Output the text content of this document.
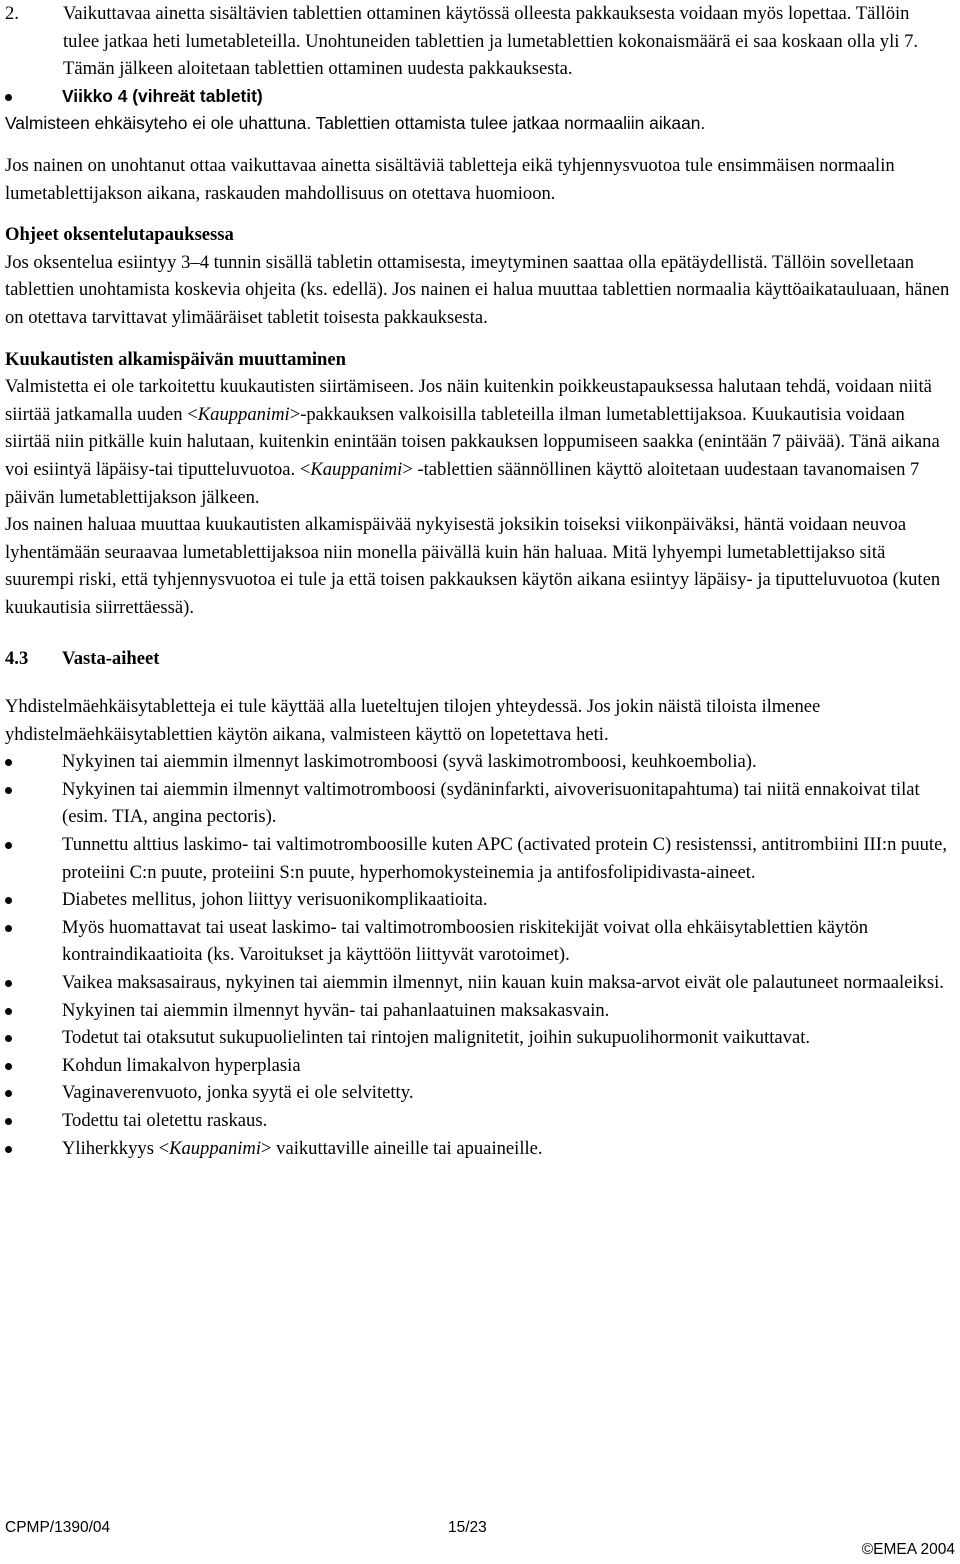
2. Vaikuttavaa ainetta sisältävien tablettien ottaminen käytössä olleesta pakkauksesta voidaan myös lopettaa. Tällöin tulee jatkaa heti lumetableteilla. Unohtuneiden tablettien ja lumetablettien kokonaismäärä ei saa koskaan olla yli 7. Tämän jälkeen aloitetaan tablettien ottaminen uudesta pakkauksesta.

Viikko 4 (vihreät tabletit)

Valmisteen ehkäisyteho ei ole uhattuna. Tablettien ottamista tulee jatkaa normaaliin aikaan.

Jos nainen on unohtanut ottaa vaikuttavaa ainetta sisältäviä tabletteja eikä tyhjennysvuotoa tule ensimmäisen normaalin lumetablettijakson aikana, raskauden mahdollisuus on otettava huomioon.

Ohjeet oksentelutapauksessa

Jos oksentelua esiintyy 3–4 tunnin sisällä tabletin ottamisesta, imeytyminen saattaa olla epätäydellistä. Tällöin sovelletaan tablettien unohtamista koskevia ohjeita (ks. edellä). Jos nainen ei halua muuttaa tablettien normaalia käyttöaikatauluaan, hänen on otettava tarvittavat ylimääräiset tabletit toisesta pakkauksesta.

Kuukautisten alkamispäivän muuttaminen

Valmistetta ei ole tarkoitettu kuukautisten siirtämiseen. Jos näin kuitenkin poikkeustapauksessa halutaan tehdä, voidaan niitä siirtää jatkamalla uuden <Kauppanimi>-pakkauksen valkoisilla tableteilla ilman lumetablettijaksoa. Kuukautisia voidaan siirtää niin pitkälle kuin halutaan, kuitenkin enintään toisen pakkauksen loppumiseen saakka (enintään 7 päivää). Tänä aikana voi esiintyä läpäisy-tai tiputteluvuotoa. <Kauppanimi> -tablettien säännöllinen käyttö aloitetaan uudestaan tavanomaisen 7 päivän lumetablettijakson jälkeen.

Jos nainen haluaa muuttaa kuukautisten alkamispäivää nykyisestä joksikin toiseksi viikonpäiväksi, häntä voidaan neuvoa lyhentämään seuraavaa lumetablettijaksoa niin monella päivällä kuin hän haluaa. Mitä lyhyempi lumetablettijakso sitä suurempi riski, että tyhjennysvuotoa ei tule ja että toisen pakkauksen käytön aikana esiintyy läpäisy- ja tiputteluvuotoa (kuten kuukautisia siirrettäessä).

4.3 Vasta-aiheet

Yhdistelmäehkäisytabletteja ei tule käyttää alla lueteltujen tilojen yhteydessä. Jos jokin näistä tiloista ilmenee yhdistelmäehkäisytablettien käytön aikana, valmisteen käyttö on lopetettava heti.

Nykyinen tai aiemmin ilmennyt laskimotromboosi (syvä laskimotromboosi, keuhkoembolia).
Nykyinen tai aiemmin ilmennyt valtimotromboosi (sydäninfarkti, aivoverisuonitapahtuma) tai niitä ennakoivat tilat (esim. TIA, angina pectoris).
Tunnettu alttius laskimo- tai valtimotromboosille kuten APC (activated protein C) resistenssi, antitrombiini III:n puute, proteiini C:n puute, proteiini S:n puute, hyperhomokysteinemia ja antifosfolipidivasta-aineet.
Diabetes mellitus, johon liittyy verisuonikomplikaatioita.
Myös huomattavat tai useat laskimo- tai valtimotromboosien riskitekijät voivat olla ehkäisytablettien käytön kontraindikaatioita (ks. Varoitukset ja käyttöön liittyvät varotoimet).
Vaikea maksasairaus, nykyinen tai aiemmin ilmennyt, niin kauan kuin maksa-arvot eivät ole palautuneet normaaleiksi.
Nykyinen tai aiemmin ilmennyt hyvän- tai pahanlaatuinen maksakasvain.
Todetut tai otaksutut sukupuolielinten tai rintojen malignitetit, joihin sukupuolihormonit vaikuttavat.
Kohdun limakalvon hyperplasia
Vaginaverenvuoto, jonka syytä ei ole selvitetty.
Todettu tai oletettu raskaus.
Yliherkkyys <Kauppanimi> vaikuttaville aineille tai apuaineille.
CPMP/1390/04	15/23
©EMEA 2004
